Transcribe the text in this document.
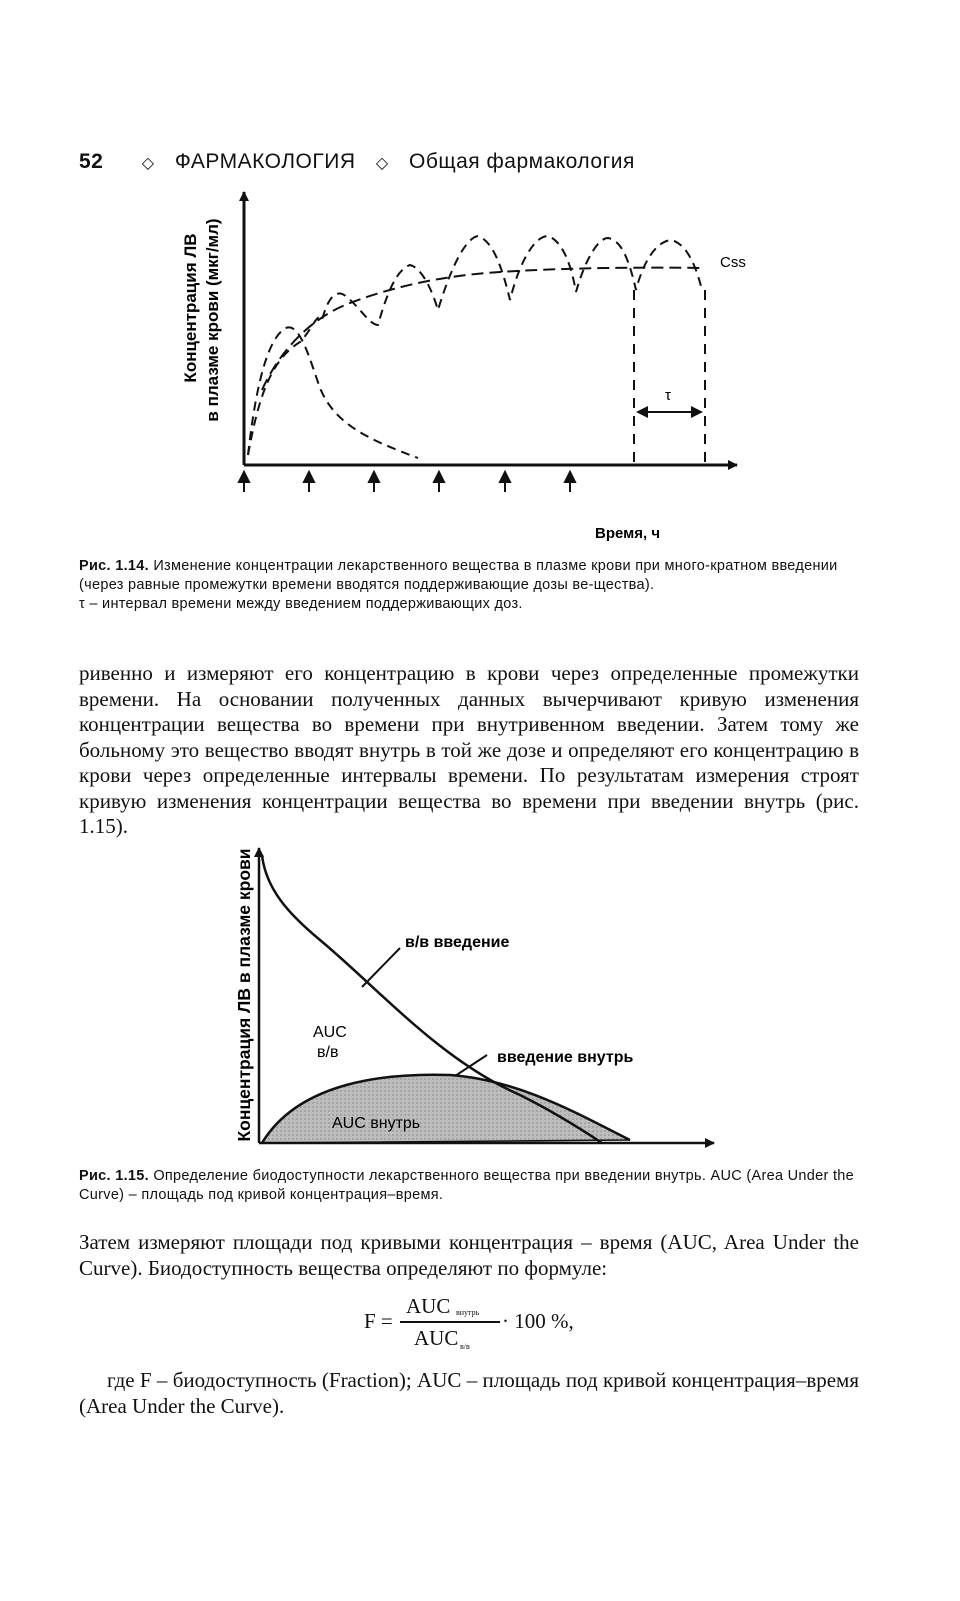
52 ◇ ФАРМАКОЛОГИЯ ◇ Общая фармакология
Концентрация ЛВ в плазме крови (мкг/мл)	τ
Css
Время, ч
Рис. 1.14. Изменение концентрации лекарственного вещества в плазме крови при много-кратном введении (через равные промежутки времени вводятся поддерживающие дозы ве-щества).
τ – интервал времени между введением поддерживающих доз.

ривенно и измеряют его концентрацию в крови через определенные промежутки времени. На основании полученных данных вычерчивают кривую изменения концентрации вещества во времени при внутривенном введении. Затем тому же больному это вещество вводят внутрь в той же дозе и определяют его концентрацию в крови через определенные интервалы времени. По результатам измерения строят кривую изменения концентрации вещества во времени при введении внутрь (рис. 1.15).

Концентрация ЛВ в плазме крови	в/в введение
введение внутрь
AUC
в/в
AUC внутрь
Рис. 1.15. Определение биодоступности лекарственного вещества при введении внутрь. AUC (Area Under the Curve) – площадь под кривой концентрация–время.

Затем измеряют площади под кривыми концентрация – время (AUC, Area Under the Curve). Биодоступность вещества определяют по формуле:

F =
AUC внутрь
AUC в/в
· 100 %,

где F – биодоступность (Fraction); AUC – площадь под кривой концентрация–время (Area Under the Curve).
